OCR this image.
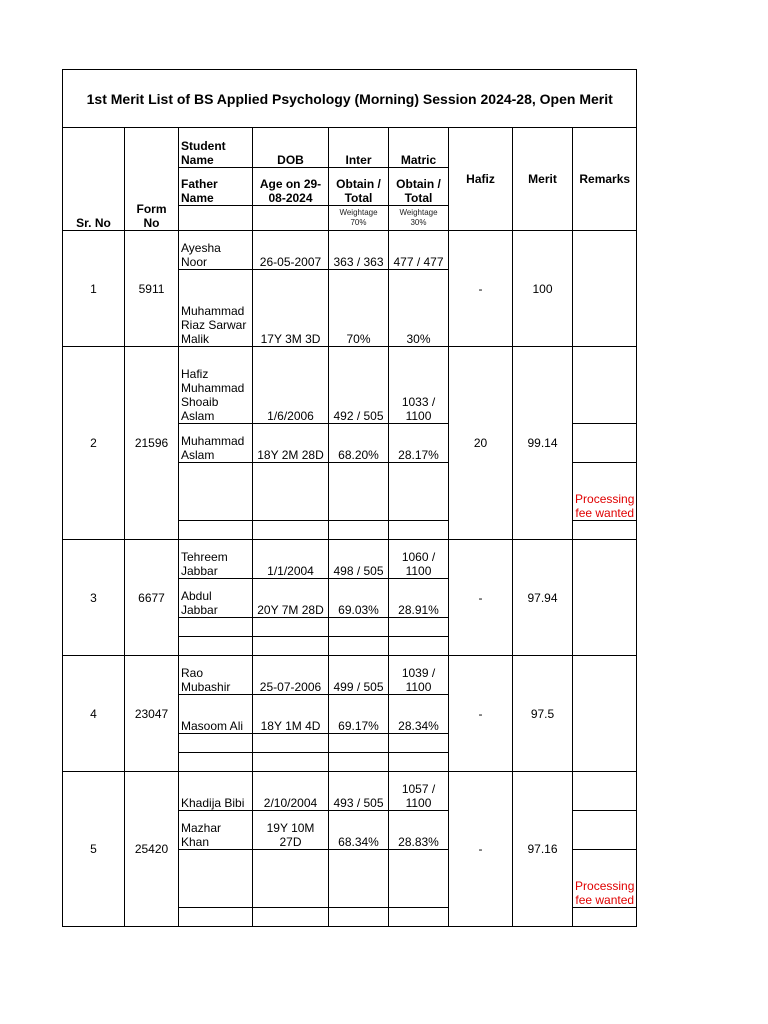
1st Merit List of BS Applied Psychology (Morning) Session 2024-28, Open Merit								
Sr. No	Form No	Student Name	DOB	Inter	Matric	Hafiz	Merit	Remarks
		Father Name	Age on 29-08-2024	Obtain / Total	Obtain / Total			
				Weightage 70%	Weightage 30%			
1	5911	Ayesha Noor	26-05-2007	363 / 363	477 / 477	-	100	
		Muhammad Riaz Sarwar Malik	17Y 3M 3D	70%	30%			
2	21596	Hafiz Muhammad Shoaib Aslam	1/6/2006	492 / 505	1033 / 1100	20	99.14	
		Muhammad Aslam	18Y 2M 28D	68.20%	28.17%			
								Processing fee wanted

3	6677	Tehreem Jabbar	1/1/2004	498 / 505	1060 / 1100	-	97.94	
		Abdul Jabbar	20Y 7M 28D	69.03%	28.91%			

4	23047	Rao Mubashir	25-07-2006	499 / 505	1039 / 1100	-	97.5	
		Masoom Ali	18Y 1M 4D	69.17%	28.34%			

5	25420	Khadija Bibi	2/10/2004	493 / 505	1057 / 1100	-	97.16	
		Mazhar Khan	19Y 10M 27D	68.34%	28.83%			
								Processing fee wanted
